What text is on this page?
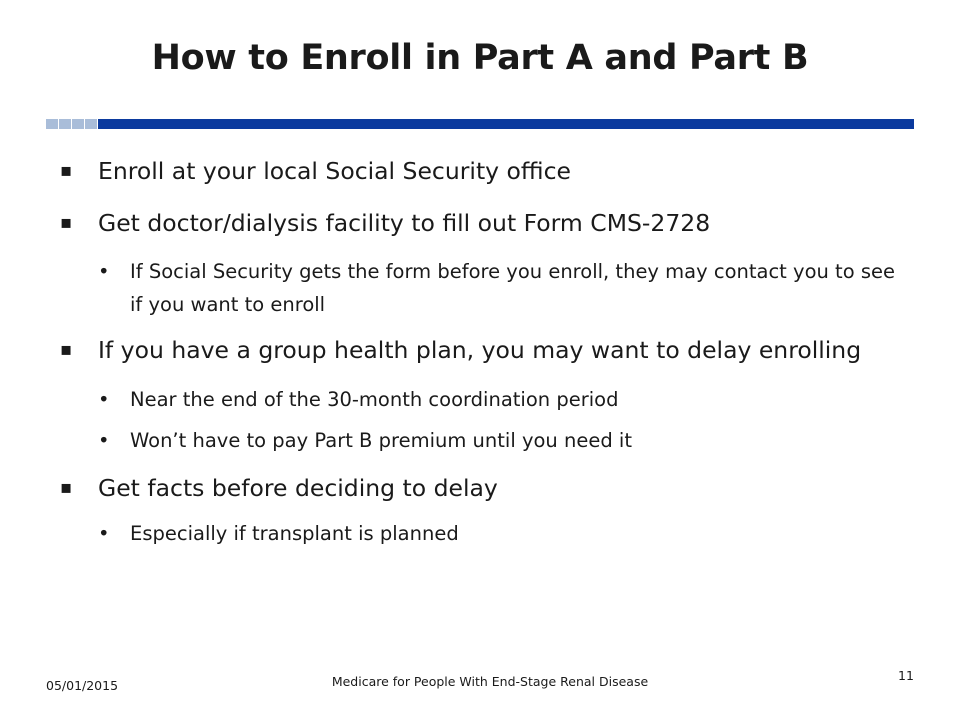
How to Enroll in Part A and Part B
▪ Enroll at your local Social Security office
▪ Get doctor/dialysis facility to fill out Form CMS-2728
• If Social Security gets the form before you enroll, they may contact you to see if you want to enroll
▪ If you have a group health plan, you may want to delay enrolling
• Near the end of the 30-month coordination period
• Won’t have to pay Part B premium until you need it
▪ Get facts before deciding to delay
• Especially if transplant is planned
05/01/2015	Medicare for People With End-Stage Renal Disease	11
